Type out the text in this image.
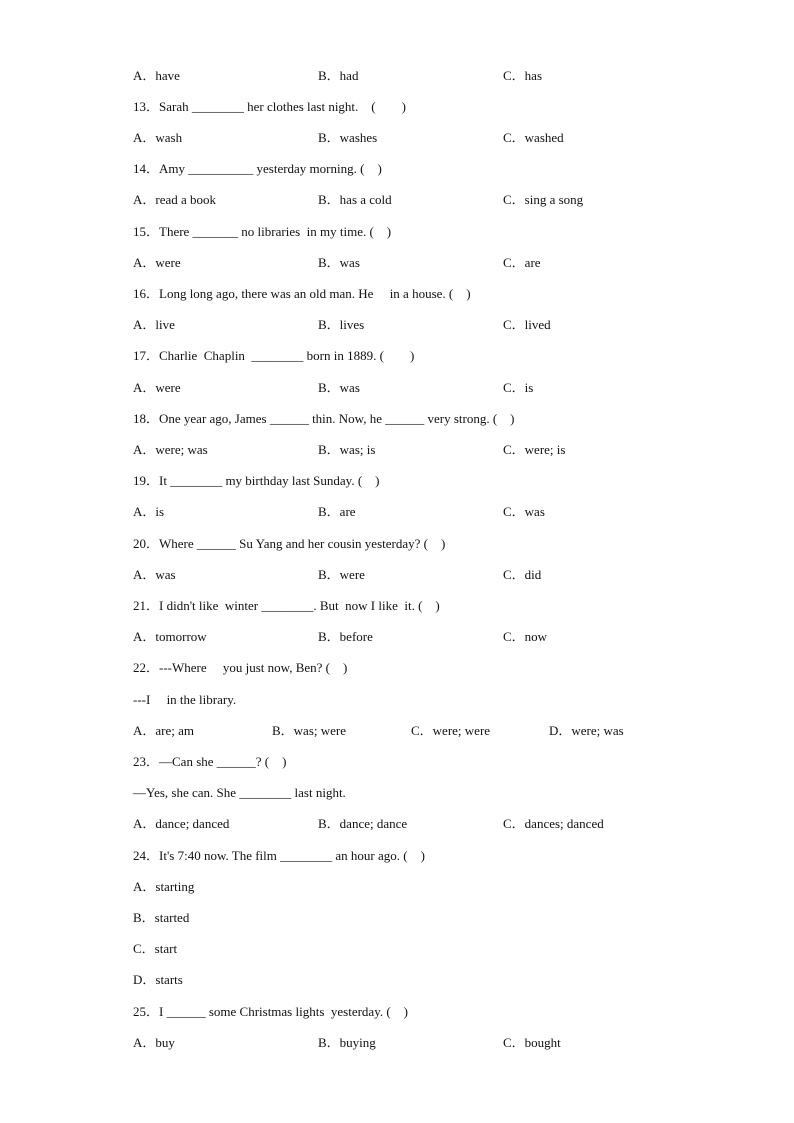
A．have	B．had	C．has
13．Sarah ________ her clothes last night.　(　　)
A．wash	B．washes	C．washed
14．Amy __________ yesterday morning. (　)
A．read a book	B．has a cold	C．sing a song
15．There _______ no libraries  in my time. (　)
A．were	B．was	C．are
16．Long long ago, there was an old man. He　 in a house. (　)
A．live	B．lives	C．lived
17．Charlie  Chaplin  ________ born in 1889. (　　)
A．were	B．was	C．is
18．One year ago, James ______ thin. Now, he ______ very strong. (　)
A．were; was	B．was; is	C．were; is
19．It ________ my birthday last Sunday. (　)
A．is	B．are	C．was
20．Where ______ Su Yang and her cousin yesterday? (　)
A．was	B．were	C．did
21．I didn't like  winter ________. But  now I like  it. (　)
A．tomorrow	B．before	C．now
22．---Where　 you just now, Ben? (　)
---I　 in the library.
A．are; am	B．was; were	C．were; were	D．were; was
23．—Can she ______? (　)
—Yes, she can. She ________ last night.
A．dance; danced	B．dance; dance	C．dances; danced
24．It's 7:40 now. The film ________ an hour ago. (　)
A．starting
B．started
C．start
D．starts
25．I ______ some Christmas lights  yesterday. (　)
A．buy	B．buying	C．bought
